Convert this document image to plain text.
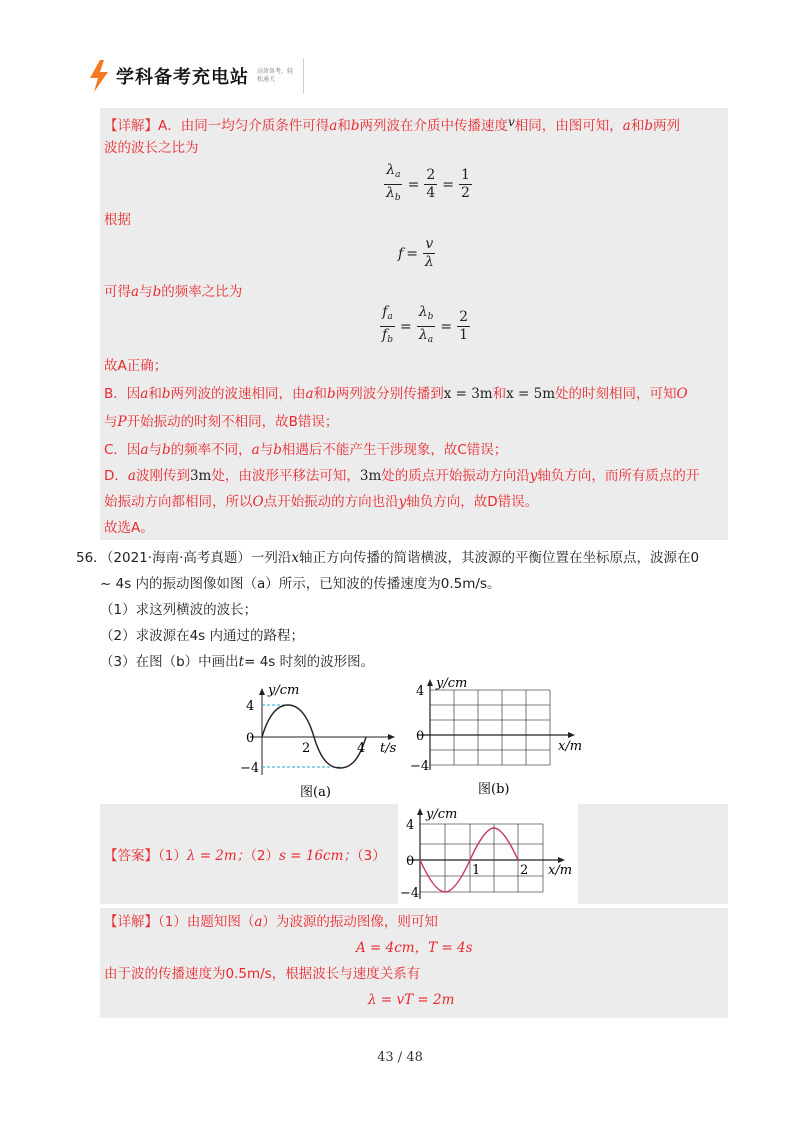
学科备考充电站 高效备考，轻松通关
【详解】A．由同一均匀介质条件可得a和b两列波在介质中传播速度v相同，由图可知，a和b两列
波的波长之比为
$\frac{\lambda_a}{\lambda_b} = \frac{2}{4} = \frac{1}{2}$
根据
$f = \frac{v}{\lambda}$
可得a与b的频率之比为
$\frac{f_a}{f_b} = \frac{\lambda_b}{\lambda_a} = \frac{2}{1}$
故A正确；
B．因a和b两列波的波速相同，由a和b两列波分别传播到x = 3m和x = 5m处的时刻相同，可知O
与P开始振动的时刻不相同，故B错误；
C．因a与b的频率不同，a与b相遇后不能产生干涉现象，故C错误；
D．a波刚传到3m处，由波形平移法可知，3m处的质点开始振动方向沿y轴负方向，而所有质点的开
始振动方向都相同，所以O点开始振动的方向也沿y轴负方向，故D错误。
故选A。
56．（2021·海南·高考真题）一列沿x轴正方向传播的简谐横波，其波源的平衡位置在坐标原点，波源在0
~ 4s 内的振动图像如图（a）所示，已知波的传播速度为0.5m/s。
（1）求这列横波的波长；
（2）求波源在4s 内通过的路程；
（3）在图（b）中画出t= 4s 时刻的波形图。
y/cm
4
0
−4
2	4 t/s
图(a)
y/cm
4
0
−4
x/m
图(b)
【答案】（1）λ = 2m；（2）s = 16cm；（3）
y/cm
4
0
−4
1	2 x/m
【详解】（1）由题知图（a）为波源的振动图像，则可知
A = 4cm，T = 4s
由于波的传播速度为0.5m/s，根据波长与速度关系有
λ = vT = 2m
43 / 48
